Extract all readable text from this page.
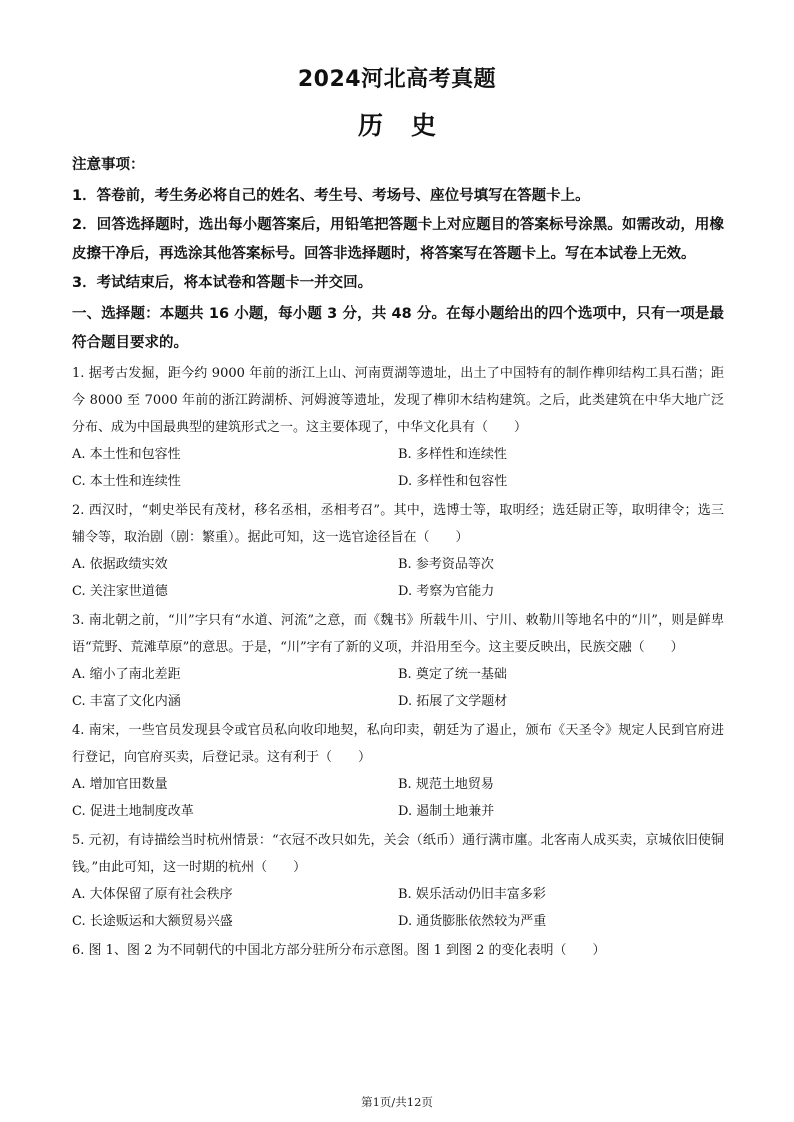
2024河北高考真题
历史
注意事项：
1．答卷前，考生务必将自己的姓名、考生号、考场号、座位号填写在答题卡上。
2．回答选择题时，选出每小题答案后，用铅笔把答题卡上对应题目的答案标号涂黑。如需改动，用橡皮擦干净后，再选涂其他答案标号。回答非选择题时，将答案写在答题卡上。写在本试卷上无效。
3．考试结束后，将本试卷和答题卡一并交回。
一、选择题：本题共 16 小题，每小题 3 分，共 48 分。在每小题给出的四个选项中，只有一项是最符合题目要求的。
1. 据考古发掘，距今约 9000 年前的浙江上山、河南贾湖等遗址，出土了中国特有的制作榫卯结构工具石凿；距今 8000 至 7000 年前的浙江跨湖桥、河姆渡等遗址，发现了榫卯木结构建筑。之后，此类建筑在中华大地广泛分布、成为中国最典型的建筑形式之一。这主要体现了，中华文化具有（　　）
A. 本土性和包容性	B. 多样性和连续性
C. 本土性和连续性	D. 多样性和包容性
2. 西汉时，“刺史举民有茂材，移名丞相，丞相考召”。其中，选博士等，取明经；选廷尉正等，取明律令；选三辅令等，取治剧（剧：繁重）。据此可知，这一选官途径旨在（　　）
A. 依据政绩实效	B. 参考资品等次
C. 关注家世道德	D. 考察为官能力
3. 南北朝之前，“川”字只有“水道、河流”之意，而《魏书》所载牛川、宁川、敕勒川等地名中的“川”，则是鲜卑语“荒野、荒滩草原”的意思。于是，“川”字有了新的义项，并沿用至今。这主要反映出，民族交融（　　）
A. 缩小了南北差距	B. 奠定了统一基础
C. 丰富了文化内涵	D. 拓展了文学题材
4. 南宋，一些官员发现县令或官员私向收印地契，私向印卖，朝廷为了遏止，颁布《天圣令》规定人民到官府进行登记，向官府买卖，后登记录。这有利于（　　）
A. 增加官田数量	B. 规范土地贸易
C. 促进土地制度改革	D. 遏制土地兼并
5. 元初，有诗描绘当时杭州情景：“衣冠不改只如先，关会（纸币）通行满市廛。北客南人成买卖，京城依旧使铜钱。”由此可知，这一时期的杭州（　　）
A. 大体保留了原有社会秩序	B. 娱乐活动仍旧丰富多彩
C. 长途贩运和大额贸易兴盛	D. 通货膨胀依然较为严重
6. 图 1、图 2 为不同朝代的中国北方部分驻所分布示意图。图 1 到图 2 的变化表明（　　）
第1页/共12页
